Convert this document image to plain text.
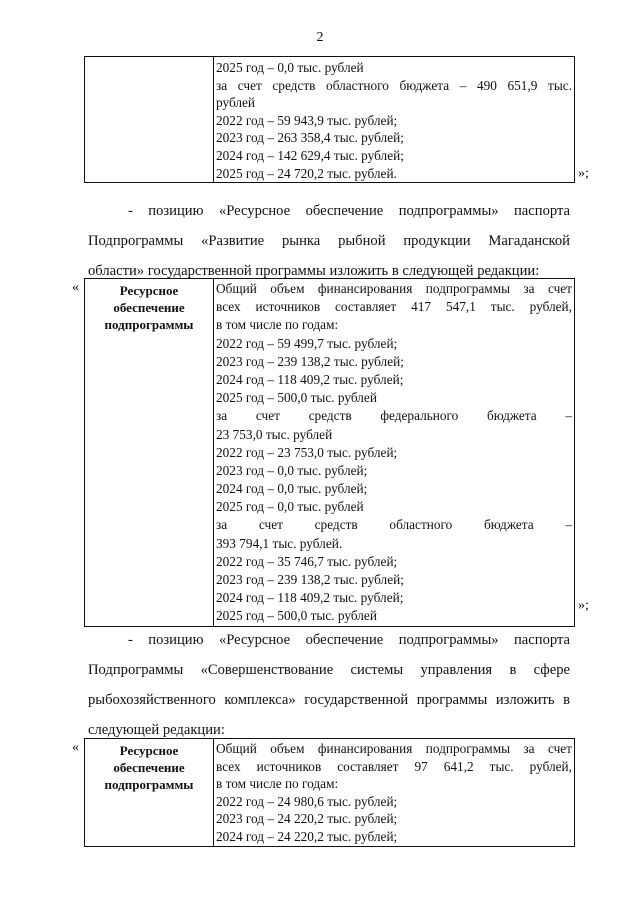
2

2025 год – 0,0 тыс. рублей
за счет средств областного бюджета – 490 651,9 тыс.
рублей
2022 год – 59 943,9 тыс. рублей;
2023 год – 263 358,4 тыс. рублей;
2024 год – 142 629,4 тыс. рублей;
2025 год – 24 720,2 тыс. рублей.	»;
- позицию «Ресурсное обеспечение подпрограммы» паспорта
Подпрограммы «Развитие рынка рыбной продукции Магаданской
области» государственной программы изложить в следующей редакции:
«	Ресурсное
обеспечение
подпрограммы

Общий объем финансирования подпрограммы за счет
всех источников составляет 417 547,1 тыс. рублей,
в том числе по годам:
2022 год – 59 499,7 тыс. рублей;
2023 год – 239 138,2 тыс. рублей;
2024 год – 118 409,2 тыс. рублей;
2025 год – 500,0 тыс. рублей
за счет средств федерального бюджета –
23 753,0 тыс. рублей
2022 год – 23 753,0 тыс. рублей;
2023 год – 0,0 тыс. рублей;
2024 год – 0,0 тыс. рублей;
2025 год – 0,0 тыс. рублей
за счет средств областного бюджета –
393 794,1 тыс. рублей.
2022 год – 35 746,7 тыс. рублей;
2023 год – 239 138,2 тыс. рублей;
2024 год – 118 409,2 тыс. рублей;
2025 год – 500,0 тыс. рублей
»;
- позицию «Ресурсное обеспечение подпрограммы» паспорта
Подпрограммы «Совершенствование системы управления в сфере
рыбохозяйственного комплекса» государственной программы изложить в
следующей редакции:
«	Ресурсное
обеспечение
подпрограммы

Общий объем финансирования подпрограммы за счет
всех источников составляет 97 641,2 тыс. рублей,
в том числе по годам:
2022 год – 24 980,6 тыс. рублей;
2023 год – 24 220,2 тыс. рублей;
2024 год – 24 220,2 тыс. рублей;
